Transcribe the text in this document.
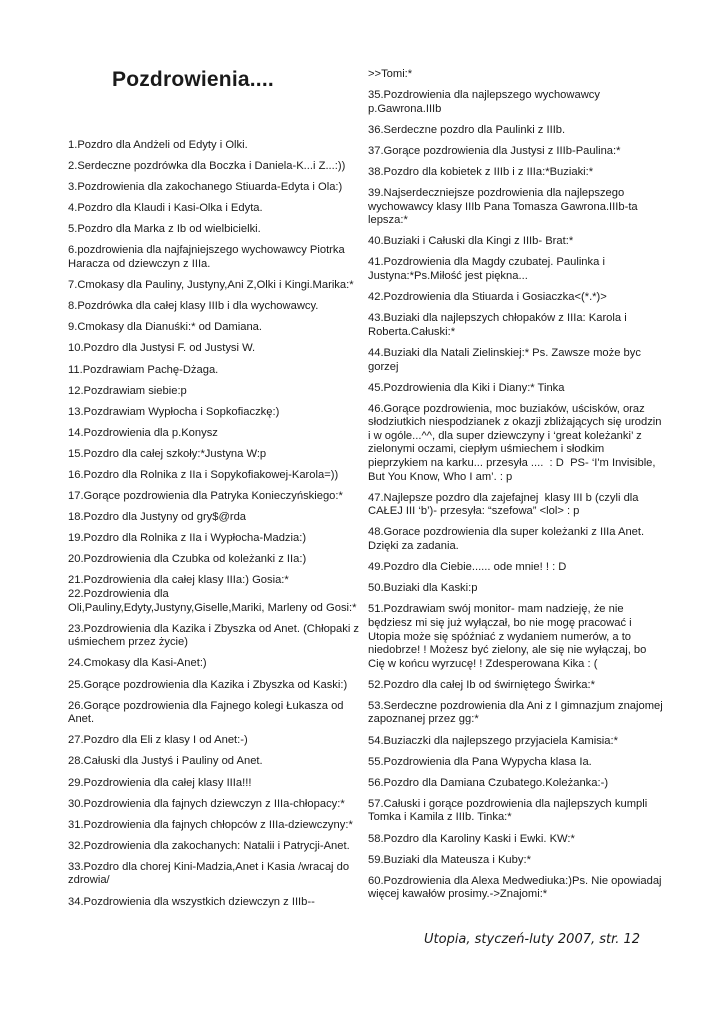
Pozdrowienia....

1.Pozdro dla Andżeli od Edyty i Olki.

2.Serdeczne pozdrówka dla Boczka i Daniela-K...i Z...:))

3.Pozdrowienia dla zakochanego Stiuarda-Edyta i Ola:)

4.Pozdro dla Klaudi i Kasi-Olka i Edyta.

5.Pozdro dla Marka z Ib od wielbicielki.

6.pozdrowienia dla najfajniejszego wychowawcy Piotrka Haracza od dziewczyn z IIIa.

7.Cmokasy dla Pauliny, Justyny,Ani Z,Olki i Kingi.Marika:*

8.Pozdrówka dla całej klasy IIIb i dla wychowawcy.

9.Cmokasy dla Dianuśki:* od Damiana.

10.Pozdro dla Justysi F. od Justysi W.

11.Pozdrawiam Pachę-Dżaga.

12.Pozdrawiam siebie:p

13.Pozdrawiam Wypłocha i Sopkofiaczkę:)

14.Pozdrowienia dla p.Konysz

15.Pozdro dla całej szkoły:*Justyna W:p

16.Pozdro dla Rolnika z IIa i Sopykofiakowej-Karola=))

17.Gorące pozdrowienia dla Patryka Konieczyńskiego:*

18.Pozdro dla Justyny od gry$@rda

19.Pozdro dla Rolnika z IIa i Wypłocha-Madzia:)

20.Pozdrowienia dla Czubka od koleżanki z IIa:)

21.Pozdrowienia dla całej klasy IIIa:) Gosia:*

22.Pozdrowienia dla Oli,Pauliny,Edyty,Justyny,Giselle,Mariki, Marleny od Gosi:*

23.Pozdrowienia dla Kazika i Zbyszka od Anet. (Chłopaki z uśmiechem przez życie)

24.Cmokasy dla Kasi-Anet:)

25.Gorące pozdrowienia dla Kazika i Zbyszka od Kaski:)

26.Gorące pozdrowienia dla Fajnego kolegi Łukasza od Anet.

27.Pozdro dla Eli z klasy I od Anet:-)

28.Całuski dla Justyś i Pauliny od Anet.

29.Pozdrowienia dla całej klasy IIIa!!!

30.Pozdrowienia dla fajnych dziewczyn z IIIa-chłopacy:*

31.Pozdrowienia dla fajnych chłopców z IIIa-dziewczyny:*

32.Pozdrowienia dla zakochanych: Natalii i Patrycji-Anet.

33.Pozdro dla chorej Kini-Madzia,Anet i Kasia /wracaj do zdrowia/

34.Pozdrowienia dla wszystkich dziewczyn z IIIb--

>>Tomi:*

35.Pozdrowienia dla najlepszego wychowawcy p.Gawrona.IIIb

36.Serdeczne pozdro dla Paulinki z IIIb.

37.Gorące pozdrowienia dla Justysi z IIIb-Paulina:*

38.Pozdro dla kobietek z IIIb i z IIIa:*Buziaki:*

39.Najserdeczniejsze pozdrowienia dla najlepszego wychowawcy klasy IIIb Pana Tomasza Gawrona.IIIb-ta lepsza:*

40.Buziaki i Całuski dla Kingi z IIIb- Brat:*

41.Pozdrowienia dla Magdy czubatej. Paulinka i Justyna:*Ps.Miłość jest piękna...

42.Pozdrowienia dla Stiuarda i Gosiaczka<(*.*)>

43.Buziaki dla najlepszych chłopaków z IIIa: Karola i Roberta.Całuski:*

44.Buziaki dla Natali Zielinskiej:* Ps. Zawsze może byc gorzej

45.Pozdrowienia dla Kiki i Diany:* Tinka

46.Gorące pozdrowienia, moc buziaków, uścisków, oraz słodziutkich niespodzianek z okazji zbliżających się urodzin i w ogóle...^^, dla super dziewczyny i ‘great koleżanki’ z zielonymi oczami, ciepłym uśmiechem i słodkim pieprzykiem na karku... przesyła ....  : D  PS- ‘I'm Invisible, But You Know, Who I am’. : p

47.Najlepsze pozdro dla zajefajnej  klasy III b (czyli dla CAŁEJ III ‘b’)- przesyła: “szefowa” <lol> : p

48.Gorace pozdrowienia dla super koleżanki z IIIa Anet. Dzięki za zadania.

49.Pozdro dla Ciebie...... ode mnie! ! : D

50.Buziaki dla Kaski:p

51.Pozdrawiam swój monitor- mam nadzieję, że nie będziesz mi się już wyłączał, bo nie mogę pracować i Utopia może się spóźniać z wydaniem numerów, a to niedobrze! ! Możesz być zielony, ale się nie wyłączaj, bo Cię w końcu wyrzucę! ! Zdesperowana Kika : (

52.Pozdro dla całej Ib od świrniętego Świrka:*

53.Serdeczne pozdrowienia dla Ani z I gimnazjum znajomej zapoznanej przez gg:*

54.Buziaczki dla najlepszego przyjaciela Kamisia:*

55.Pozdrowienia dla Pana Wypycha klasa Ia.

56.Pozdro dla Damiana Czubatego.Koleżanka:-)

57.Całuski i gorące pozdrowienia dla najlepszych kumpli Tomka i Kamila z IIIb. Tinka:*

58.Pozdro dla Karoliny Kaski i Ewki. KW:*

59.Buziaki dla Mateusza i Kuby:*

60.Pozdrowienia dla Alexa Medwediuka:)Ps. Nie opowiadaj więcej kawałów prosimy.->Znajomi:*

Utopia, styczeń-luty 2007, str. 12
